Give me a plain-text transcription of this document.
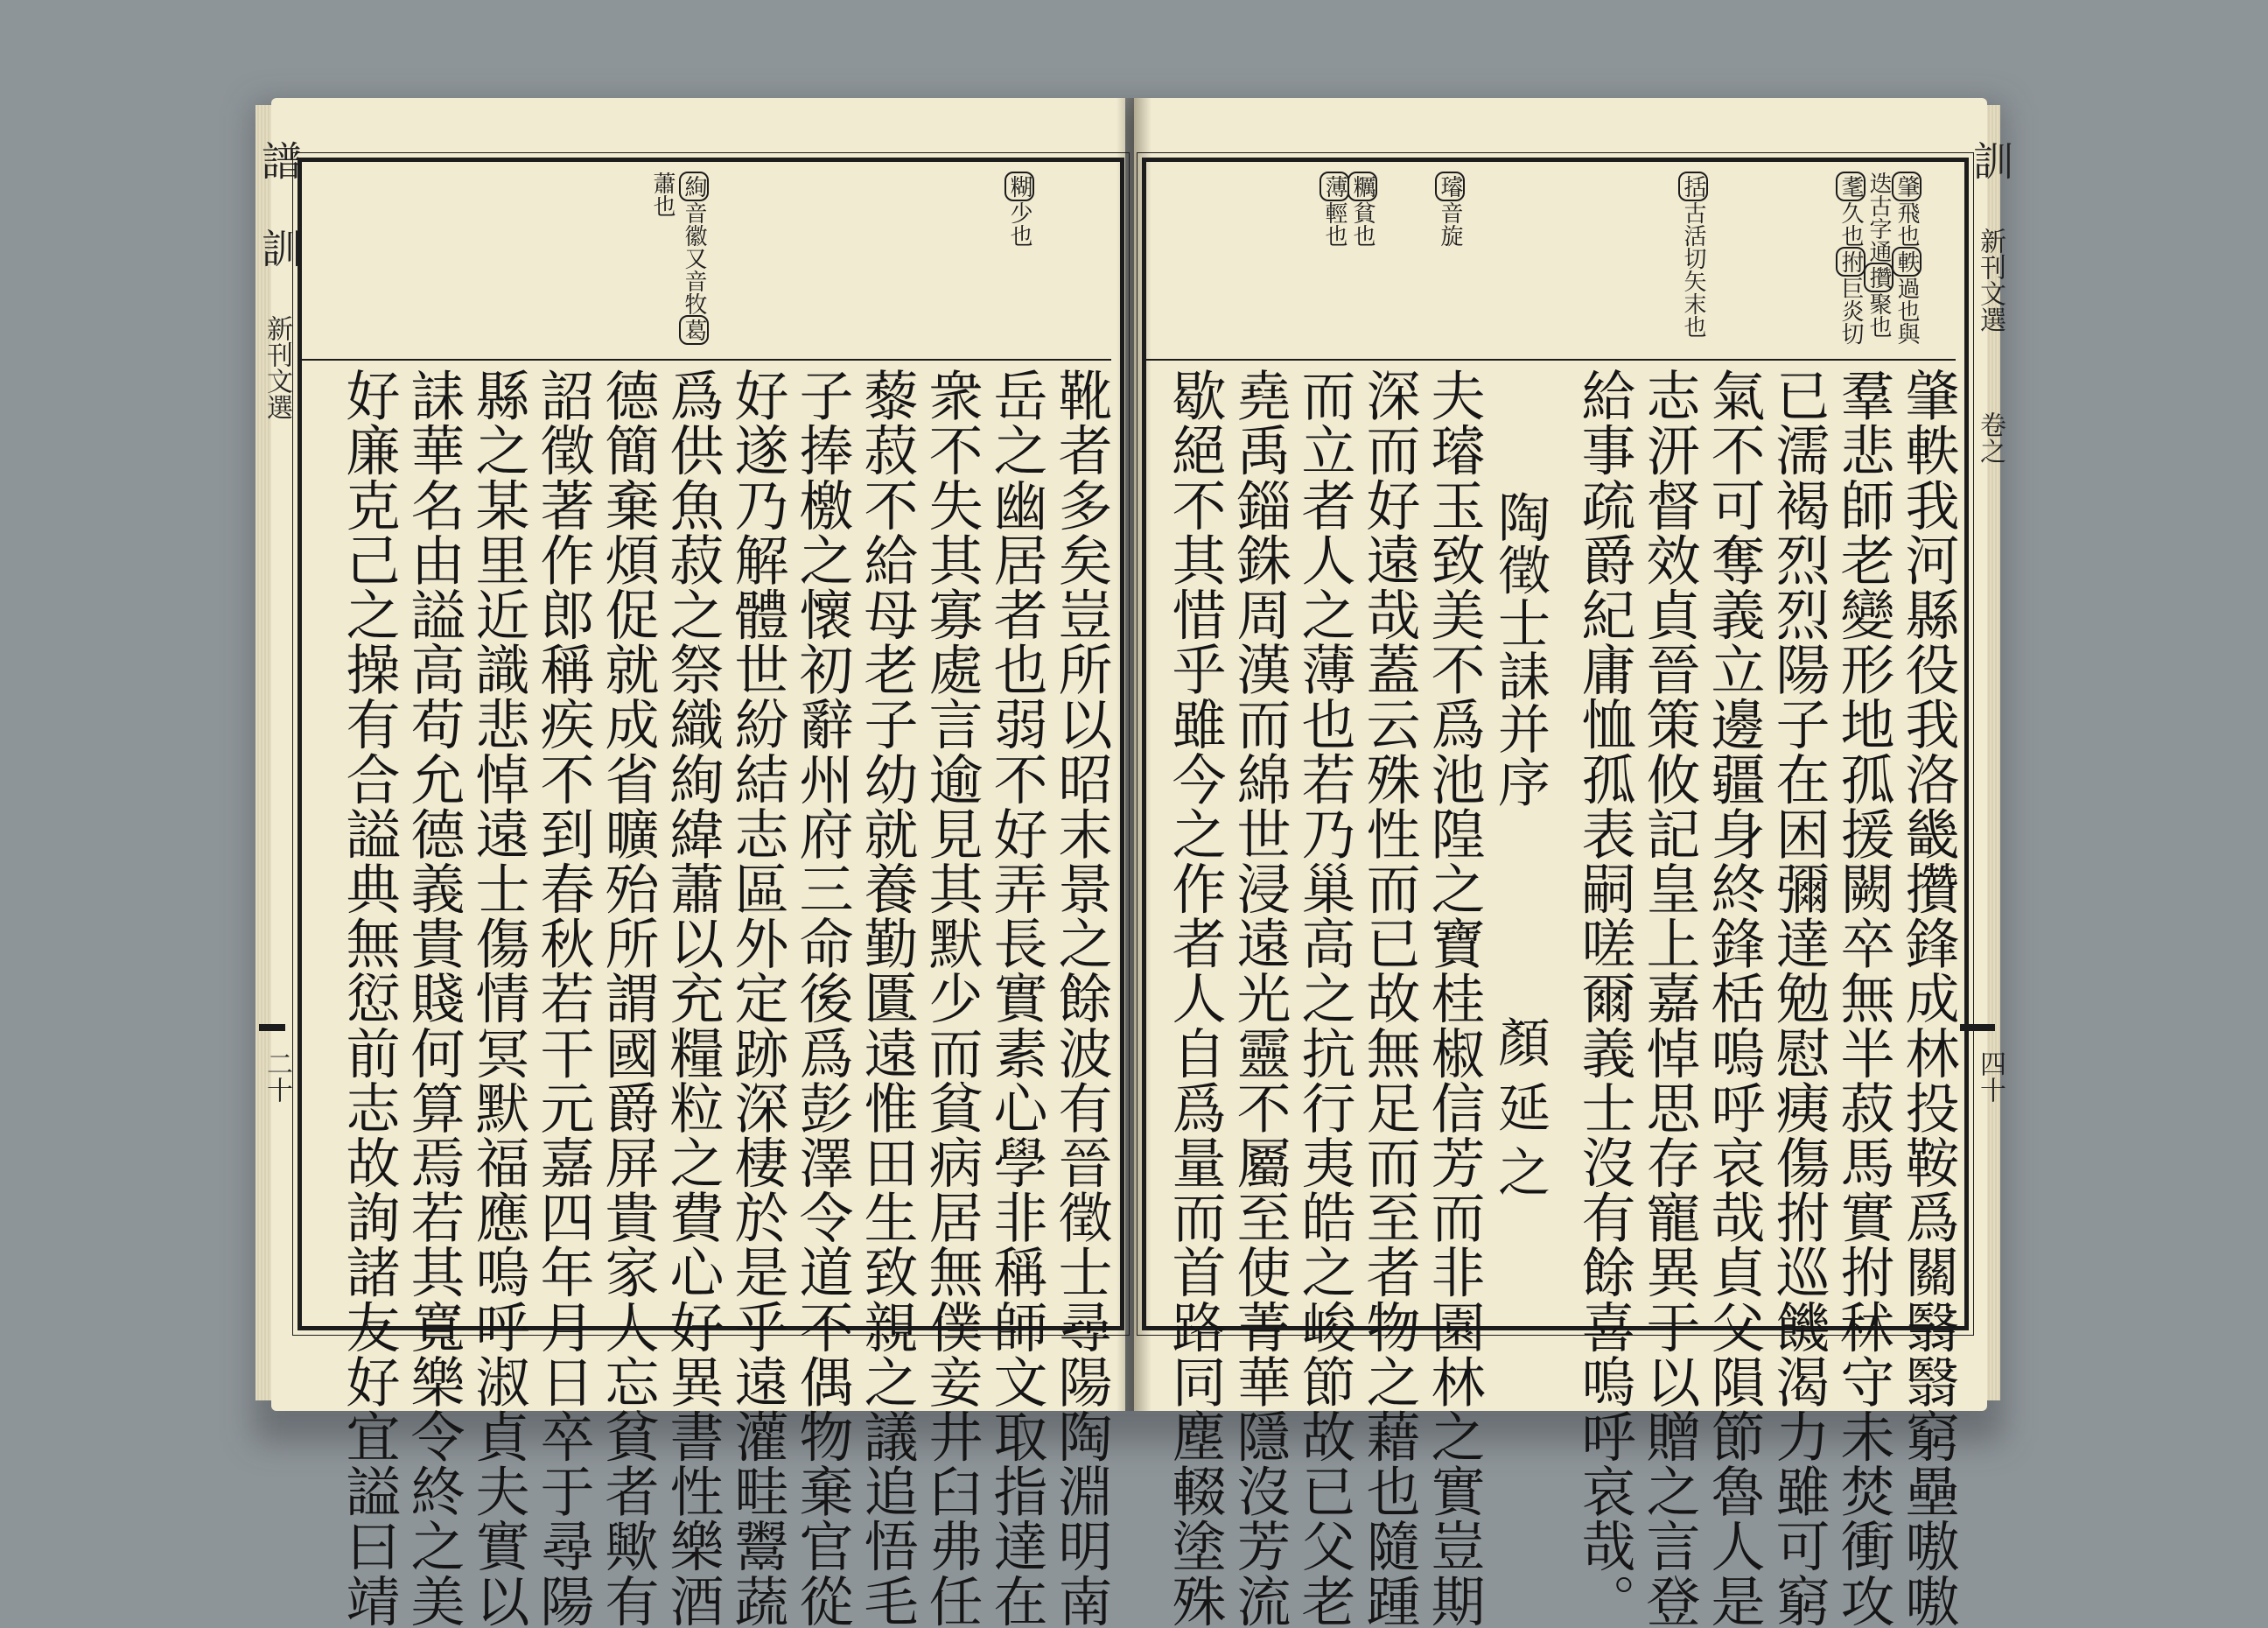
譜
訓
新刊文選
二十
訓
新刊文選
卷之
四十
糊少也
絢音徽又音牧葛
蕭也
靴者多矣豈所以昭末景之餘波有晉徵士尋陽陶淵明南
岳之幽居者也弱不好弄長實素心學非稱師文取指達在
衆不失其寡處言逾見其默少而貧病居無僕妾井臼弗任
藜菽不給母老子幼就養勤匱遠惟田生致親之議追悟毛
子捧檄之懷初辭州府三命後爲彭澤令道不偶物棄官從
好遂乃解體世紛結志區外定跡深棲於是乎遠灌畦鬻蔬
爲供魚菽之祭織絢緯蕭以充糧粒之費心好異書性樂酒
德簡棄煩促就成省曠殆所謂國爵屏貴家人忘貧者歟有
詔徵著作郎稱疾不到春秋若干元嘉四年月日卒于尋陽
縣之某里近識悲悼遠士傷情冥默福應嗚呼淑貞夫實以
誄華名由謚高苟允德義貴賤何算焉若其寬樂令終之美
好廉克己之操有合謚典無愆前志故詢諸友好宜謚曰靖
肇飛也軼過也與
迭古字通攢聚也
耄久也拊巨炎切
括古活切矢末也
璿音旋
糲貧也
薄輕也
肇軼我河縣役我洛畿攢鋒成林投鞍爲關翳翳窮壘嗷嗷
羣悲師老變形地孤援闕卒無半菽馬實拊秫守未焚衝攻
已濡褐烈烈陽子在困彌達勉慰痍傷拊巡饑渴力雖可窮
氣不可奪義立邊疆身終鋒栝嗚呼哀哉貞父隕節魯人是
志汧督效貞晉策攸記皇上嘉悼思存寵異于以贈之言登
給事疏爵紀庸恤孤表嗣嗟爾義士沒有餘喜嗚呼哀哉。
陶徵士誄并序
顏延之
夫璿玉致美不爲池隍之寶桂椒信芳而非園林之實豈期
深而好遠哉蓋云殊性而已故無足而至者物之藉也隨踵
而立者人之薄也若乃巢高之抗行夷皓之峻節故已父老
堯禹錙銖周漢而綿世浸遠光靈不屬至使菁華隱沒芳流
歇絕不其惜乎雖今之作者人自爲量而首路同塵輟塗殊
